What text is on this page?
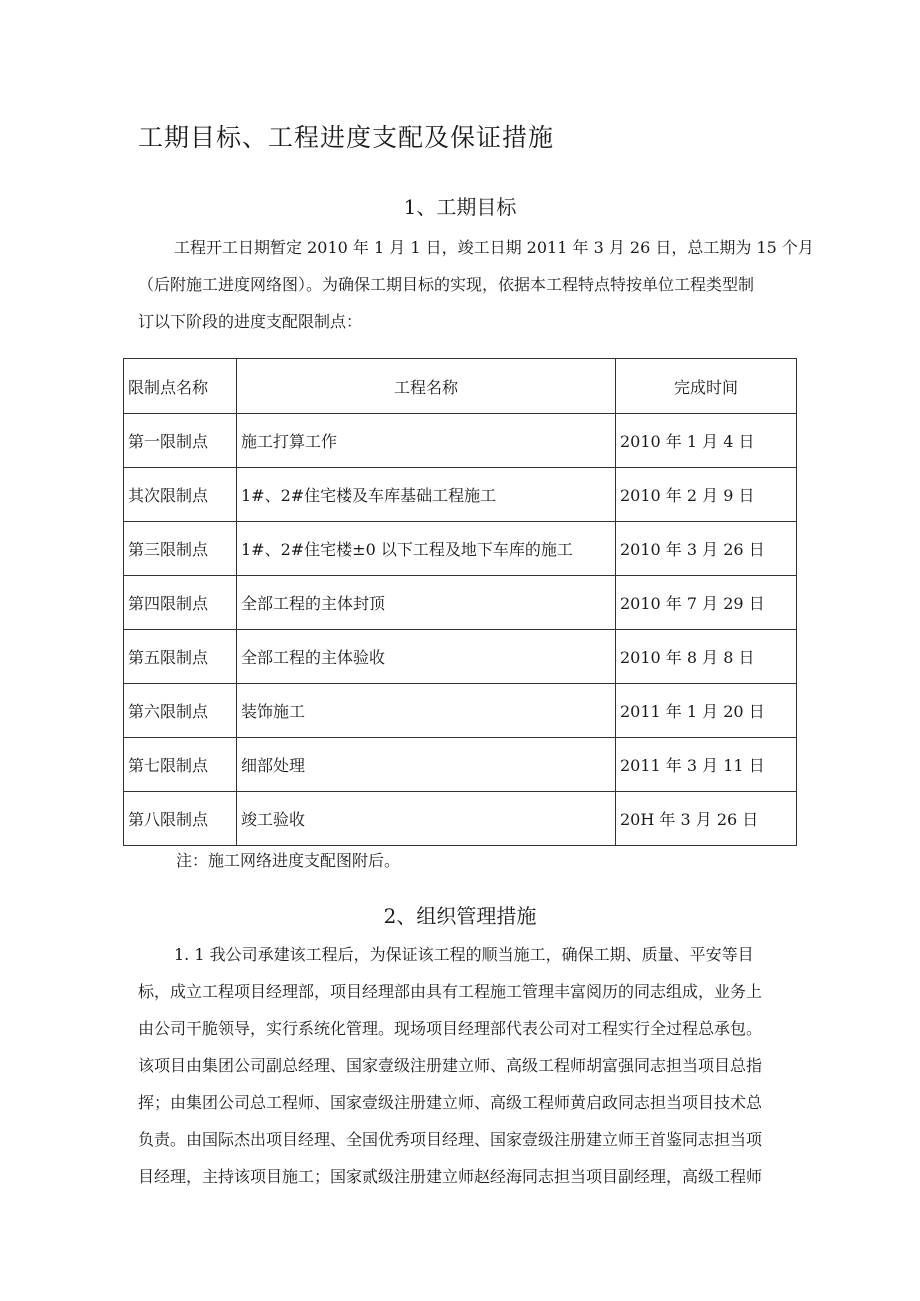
工期目标、工程进度支配及保证措施
1、工期目标
工程开工日期暂定 2010 年 1 月 1 日，竣工日期 2011 年 3 月 26 日，总工期为 15 个月
（后附施工进度网络图）。为确保工期目标的实现，依据本工程特点特按单位工程类型制
订以下阶段的进度支配限制点：
限制点名称	工程名称	完成时间
第一限制点	施工打算工作	2010 年 1 月 4 日
其次限制点	1#、2#住宅楼及车库基础工程施工	2010 年 2 月 9 日
第三限制点	1#、2#住宅楼±0 以下工程及地下车库的施工	2010 年 3 月 26 日
第四限制点	全部工程的主体封顶	2010 年 7 月 29 日
第五限制点	全部工程的主体验收	2010 年 8 月 8 日
第六限制点	装饰施工	2011 年 1 月 20 日
第七限制点	细部处理	2011 年 3 月 11 日
第八限制点	竣工验收	20H 年 3 月 26 日
注：施工网络进度支配图附后。
2、组织管理措施
1. 1 我公司承建该工程后，为保证该工程的顺当施工，确保工期、质量、平安等目
标，成立工程项目经理部，项目经理部由具有工程施工管理丰富阅历的同志组成，业务上
由公司干脆领导，实行系统化管理。现场项目经理部代表公司对工程实行全过程总承包。
该项目由集团公司副总经理、国家壹级注册建立师、高级工程师胡富强同志担当项目总指
挥；由集团公司总工程师、国家壹级注册建立师、高级工程师黄启政同志担当项目技术总
负责。由国际杰出项目经理、全国优秀项目经理、国家壹级注册建立师王首鉴同志担当项
目经理，主持该项目施工；国家贰级注册建立师赵经海同志担当项目副经理，高级工程师
